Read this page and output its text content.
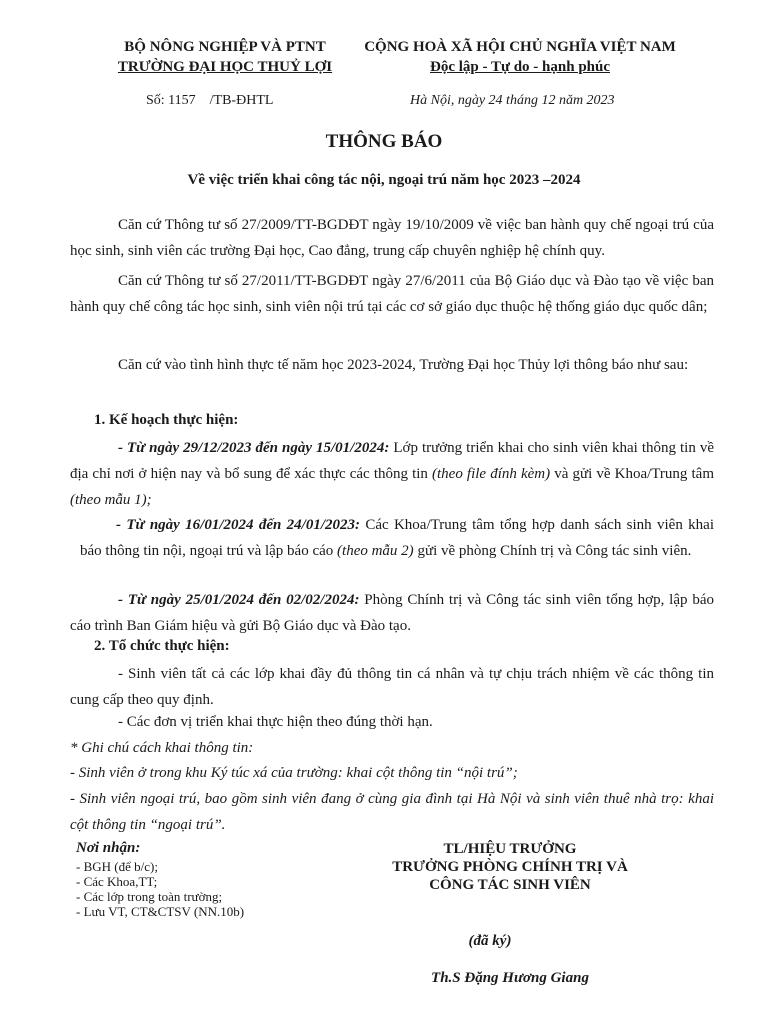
BỘ NÔNG NGHIỆP VÀ PTNT
TRƯỜNG ĐẠI HỌC THUỶ LỢI
CỘNG HOÀ XÃ HỘI CHỦ NGHĨA VIỆT NAM
Độc lập - Tự do - hạnh phúc
Số: 1157    /TB-ĐHTL	Hà Nội, ngày 24 tháng 12 năm 2023
THÔNG BÁO
Về việc triển khai công tác nội, ngoại trú năm học 2023 –2024
Căn cứ Thông tư số 27/2009/TT-BGDĐT ngày 19/10/2009 về việc ban hành quy chế ngoại trú của học sinh, sinh viên các trường Đại học, Cao đẳng, trung cấp chuyên nghiệp hệ chính quy.
Căn cứ Thông tư số 27/2011/TT-BGDĐT ngày 27/6/2011 của Bộ Giáo dục và Đào tạo về việc ban hành quy chế công tác học sinh, sinh viên nội trú tại các cơ sở giáo dục thuộc hệ thống giáo dục quốc dân;
Căn cứ vào tình hình thực tế năm học 2023-2024, Trường Đại học Thủy lợi thông báo như sau:
1. Kế hoạch thực hiện:
- Từ ngày 29/12/2023 đến ngày 15/01/2024: Lớp trưởng triển khai cho sinh viên khai thông tin về địa chỉ nơi ở hiện nay và bổ sung để xác thực các thông tin (theo file đính kèm) và gửi về Khoa/Trung tâm (theo mẫu 1);
- Từ ngày 16/01/2024 đến 24/01/2023: Các Khoa/Trung tâm tổng hợp danh sách sinh viên khai báo thông tin nội, ngoại trú và lập báo cáo (theo mẫu 2) gửi về phòng Chính trị và Công tác sinh viên.
- Từ ngày 25/01/2024 đến 02/02/2024: Phòng Chính trị và Công tác sinh viên tổng hợp, lập báo cáo trình Ban Giám hiệu và gửi Bộ Giáo dục và Đào tạo.
2. Tổ chức thực hiện:
- Sinh viên tất cả các lớp khai đầy đủ thông tin cá nhân và tự chịu trách nhiệm về các thông tin cung cấp theo quy định.
- Các đơn vị triển khai thực hiện theo đúng thời hạn.
* Ghi chú cách khai thông tin:
- Sinh viên ở trong khu Ký túc xá của trường: khai cột thông tin “nội trú”;
- Sinh viên ngoại trú, bao gồm sinh viên đang ở cùng gia đình tại Hà Nội và sinh viên thuê nhà trọ: khai cột thông tin “ngoại trú”.
Nơi nhận:
- BGH (để b/c);
- Các Khoa,TT;
- Các lớp trong toàn trường;
- Lưu VT, CT&CTSV (NN.10b)
TL/HIỆU TRƯỞNG
TRƯỞNG PHÒNG CHÍNH TRỊ VÀ
CÔNG TÁC SINH VIÊN
(đã ký)
Th.S Đặng Hương Giang
